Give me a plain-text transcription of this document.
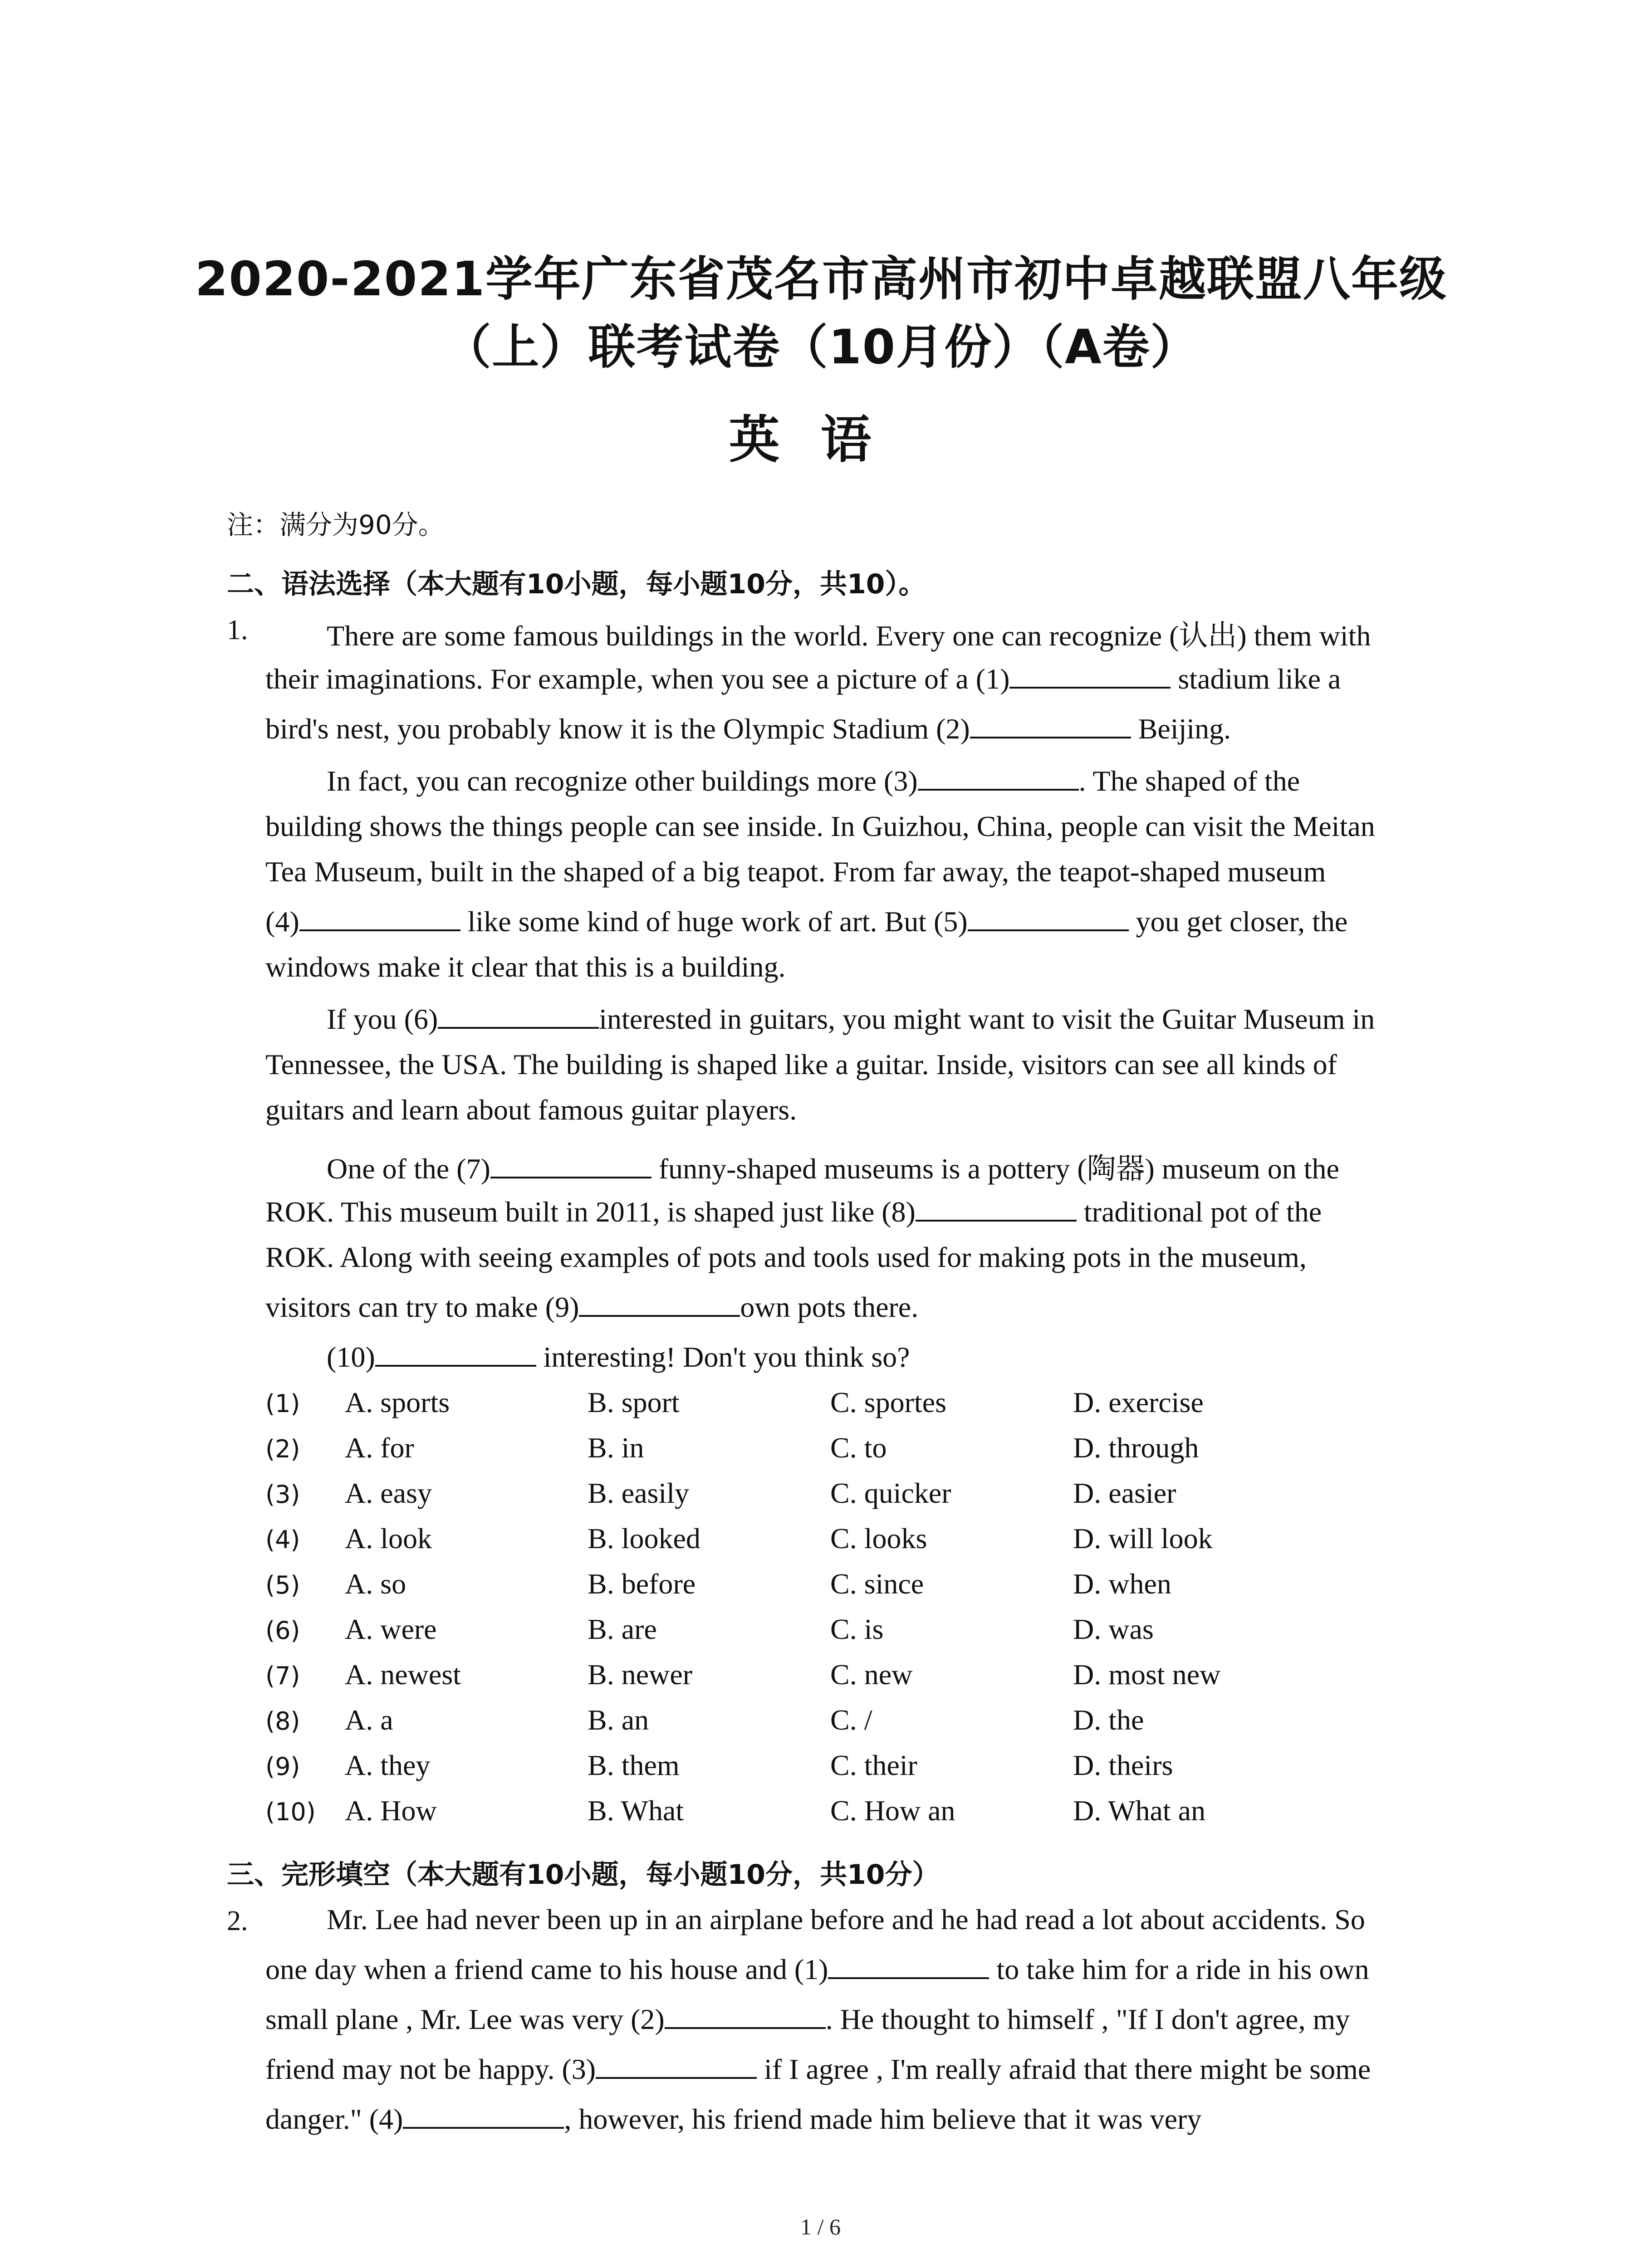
2020-2021学年广东省茂名市高州市初中卓越联盟八年级（上）联考试卷（10月份）（A卷）
英语
注：满分为90分。
二、语法选择（本大题有10小题，每小题10分，共10）。
1.	There are some famous buildings in the world. Every one can recognize (认出) them with
their imaginations. For example, when you see a picture of a (1)	stadium like a
bird's nest, you probably know it is the Olympic Stadium (2)	Beijing.
In fact, you can recognize other buildings more (3)	. The shaped of the
building shows the things people can see inside. In Guizhou, China, people can visit the Meitan
Tea Museum, built in the shaped of a big teapot. From far away, the teapot-shaped museum
(4)	like some kind of huge work of art. But (5)	you get closer, the
windows make it clear that this is a building.
If you (6)	interested in guitars, you might want to visit the Guitar Museum in
Tennessee, the USA. The building is shaped like a guitar. Inside, visitors can see all kinds of
guitars and learn about famous guitar players.
One of the (7)	funny-shaped museums is a pottery (陶器) museum on the
ROK. This museum built in 2011, is shaped just like (8)	traditional pot of the
ROK. Along with seeing examples of pots and tools used for making pots in the museum,
visitors can try to make (9)	own pots there.
(10)	interesting! Don't you think so?
(1) A. sports	B. sport	C. sportes	D. exercise
(2) A. for	B. in	C. to	D. through
(3) A. easy	B. easily	C. quicker	D. easier
(4) A. look	B. looked	C. looks	D. will look
(5) A. so	B. before	C. since	D. when
(6) A. were	B. are	C. is	D. was
(7) A. newest	B. newer	C. new	D. most new
(8) A. a	B. an	C. /	D. the
(9) A. they	B. them	C. their	D. theirs
(10) A. How	B. What	C. How an	D. What an
三、完形填空（本大题有10小题，每小题10分，共10分）
2.	Mr. Lee had never been up in an airplane before and he had read a lot about accidents. So
one day when a friend came to his house and (1)	to take him for a ride in his own
small plane , Mr. Lee was very (2)	. He thought to himself , "If I don't agree, my
friend may not be happy. (3)	if I agree , I'm really afraid that there might be some
danger." (4)	, however, his friend made him believe that it was very
1 / 6
